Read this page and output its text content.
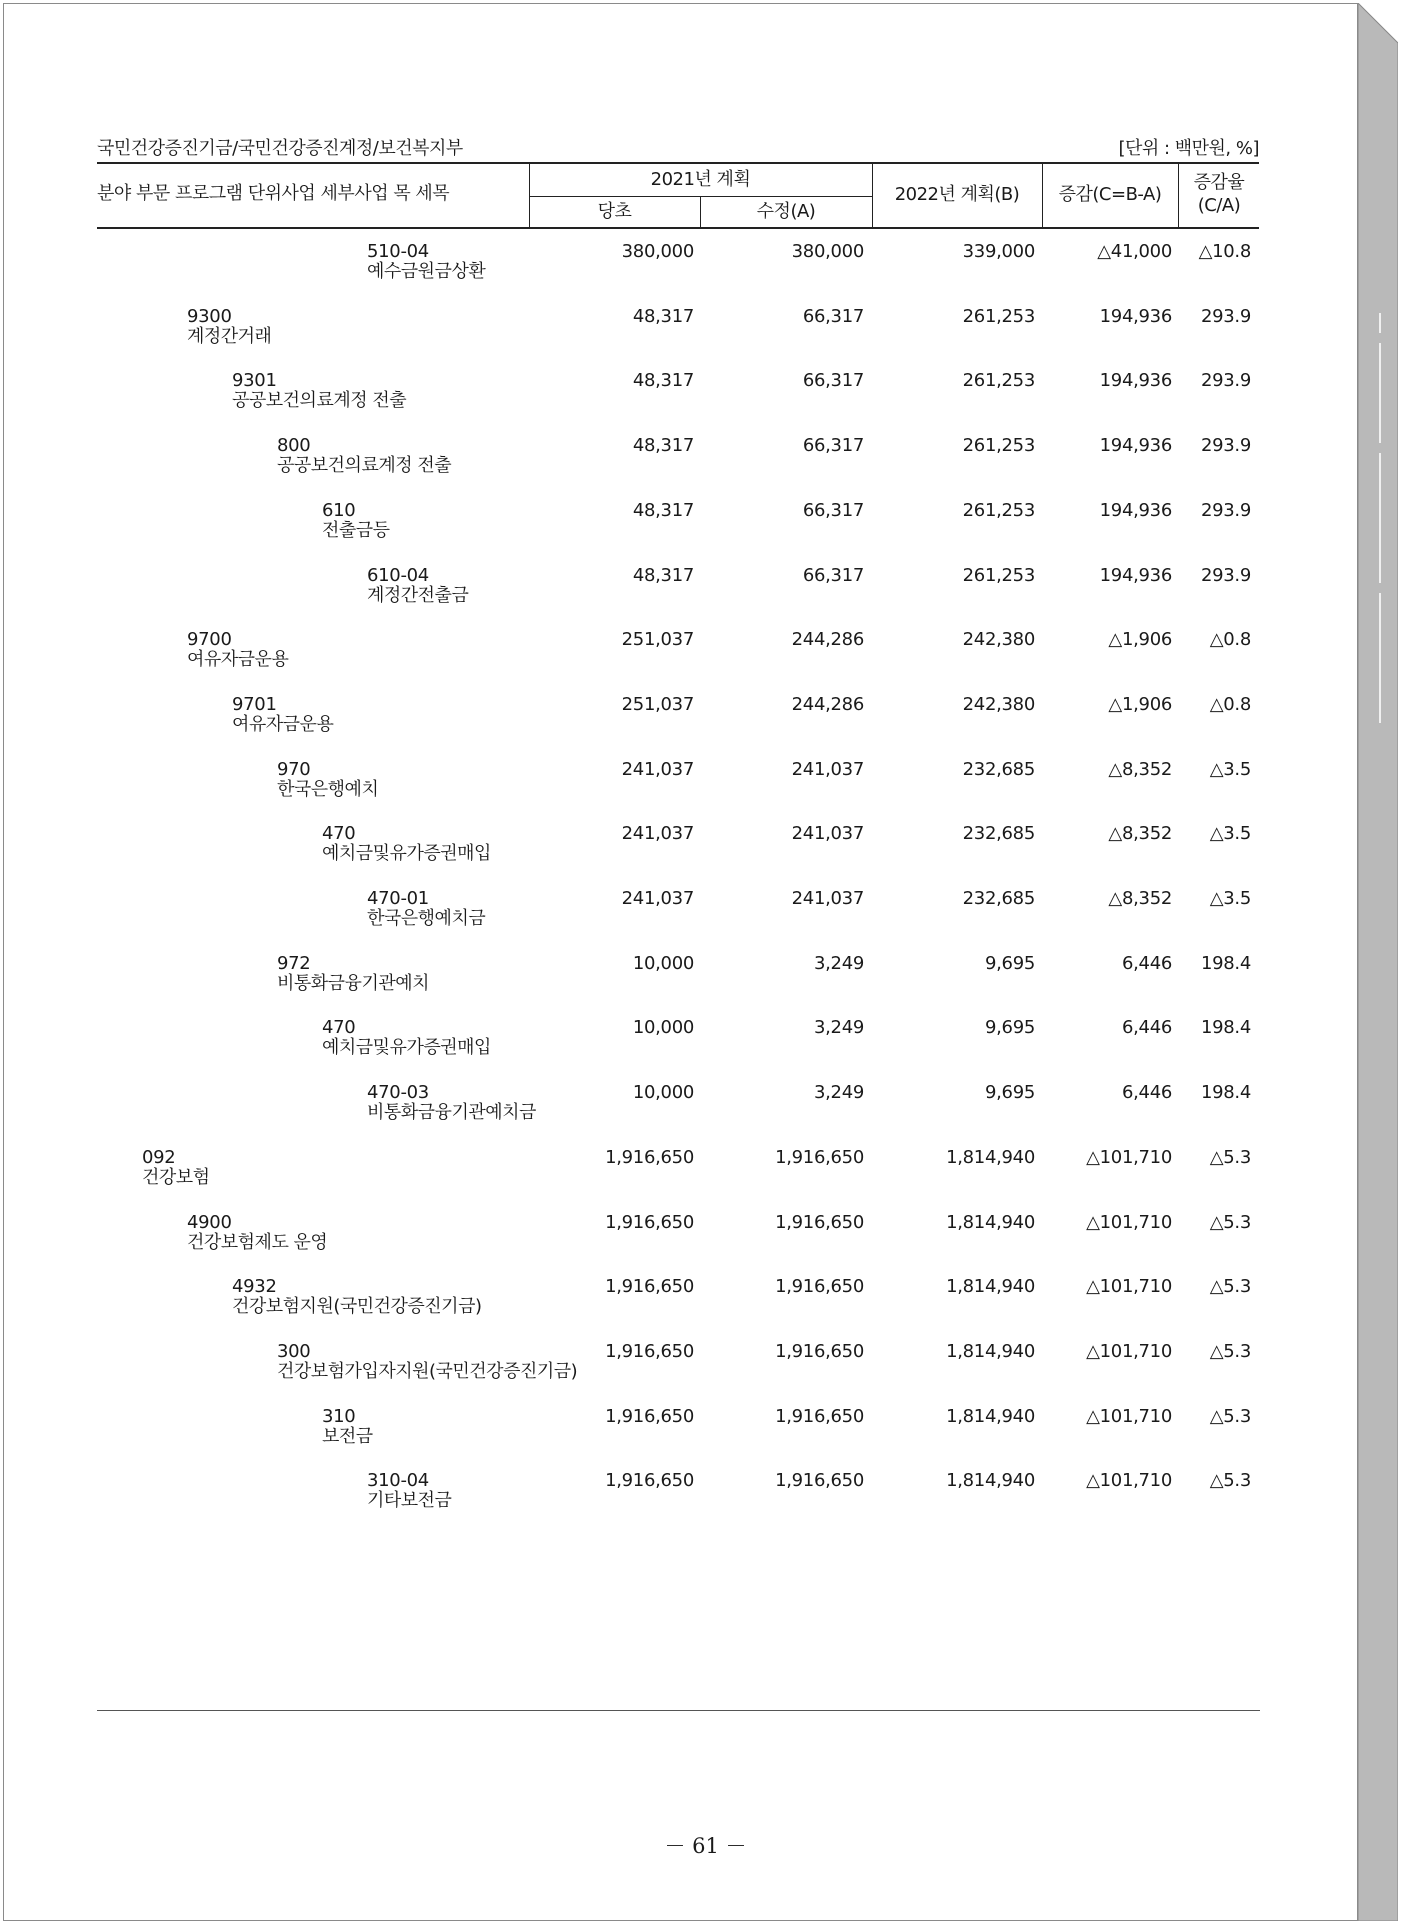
국민건강증진기금/국민건강증진계정/보건복지부	[단위 : 백만원, %]
분야 부문 프로그램 단위사업 세부사업 목 세목
2021년 계획
당초	수정(A)
2022년 계획(B)	증감(C=B-A)
증감율
(C/A)
510-04
예수금원금상환
380,000	380,000	339,000	△41,000	△10.8
9300
계정간거래
48,317	66,317	261,253	194,936	293.9
9301
공공보건의료계정 전출
48,317	66,317	261,253	194,936	293.9
800
공공보건의료계정 전출
48,317	66,317	261,253	194,936	293.9
610
전출금등
48,317	66,317	261,253	194,936	293.9
610-04
계정간전출금
48,317	66,317	261,253	194,936	293.9
9700
여유자금운용
251,037	244,286	242,380	△1,906	△0.8
9701
여유자금운용
251,037	244,286	242,380	△1,906	△0.8
970
한국은행예치
241,037	241,037	232,685	△8,352	△3.5
470
예치금및유가증권매입
241,037	241,037	232,685	△8,352	△3.5
470-01
한국은행예치금
241,037	241,037	232,685	△8,352	△3.5
972
비통화금융기관예치
10,000	3,249	9,695	6,446	198.4
470
예치금및유가증권매입
10,000	3,249	9,695	6,446	198.4
470-03
비통화금융기관예치금
10,000	3,249	9,695	6,446	198.4
092
건강보험
1,916,650	1,916,650	1,814,940	△101,710	△5.3
4900
건강보험제도 운영
1,916,650	1,916,650	1,814,940	△101,710	△5.3
4932
건강보험지원(국민건강증진기금)
1,916,650	1,916,650	1,814,940	△101,710	△5.3
300
건강보험가입자지원(국민건강증진기금)
1,916,650	1,916,650	1,814,940	△101,710	△5.3
310
보전금
1,916,650	1,916,650	1,814,940	△101,710	△5.3
310-04
기타보전금
1,916,650	1,916,650	1,814,940	△101,710	△5.3
－ 61 －
